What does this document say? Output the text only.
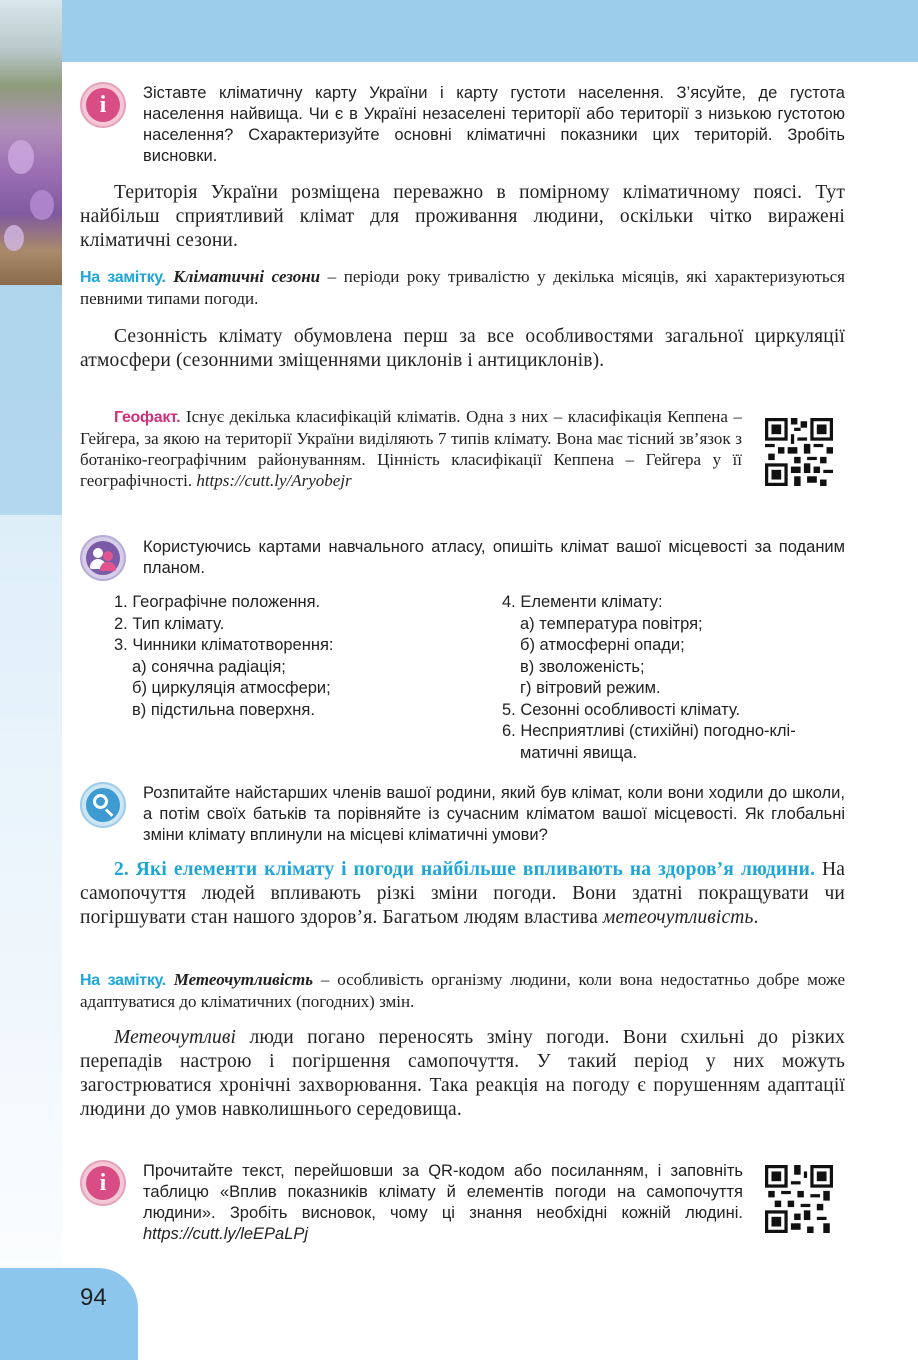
i	Зіставте кліматичну карту України і карту густоти населення. З’ясуйте, де густота населення найвища. Чи є в Україні незаселені території або території з низькою густотою населення? Схарактеризуйте основні кліматичні показники цих територій. Зробіть висновки.
Територія України розміщена переважно в помірному кліматичному поясі. Тут найбільш сприятливий клімат для проживання людини, оскільки чітко виражені кліматичні сезони.
На замітку. Кліматичні сезони – періоди року тривалістю у декілька місяців, які характеризуються певними типами погоди.
Сезонність клімату обумовлена перш за все особливостями загальної циркуляції атмосфери (сезонними зміщеннями циклонів і антициклонів).
Геофакт. Існує декілька класифікацій кліматів. Одна з них – класифікація Кеппена – Гейгера, за якою на території України виділяють 7 типів клімату. Вона має тісний зв’язок з ботаніко-географічним районуванням. Цінність класифікації Кеппена – Гейгера у її географічності. https://cutt.ly/Aryobejr
Користуючись картами навчального атласу, опишіть клімат вашої місцевості за поданим планом.
1. Географічне положення.
2. Тип клімату.
3. Чинники кліматотворення:
а) сонячна радіація;
б) циркуляція атмосфери;
в) підстильна поверхня.
4. Елементи клімату:
а) температура повітря;
б) атмосферні опади;
в) зволоженість;
г) вітровий режим.
5. Сезонні особливості клімату.
6. Несприятливі (стихійні) погодно-клі-
матичні явища.
Розпитайте найстарших членів вашої родини, який був клімат, коли вони ходили до школи, а потім своїх батьків та порівняйте із сучасним кліматом вашої місцевості. Як глобальні зміни клімату вплинули на місцеві кліматичні умови?
2. Які елементи клімату і погоди найбільше впливають на здоров’я людини. На самопочуття людей впливають різкі зміни погоди. Вони здатні покращувати чи погіршувати стан нашого здоров’я. Багатьом людям властива метеочутливість.
На замітку. Метеочутливість – особливість організму людини, коли вона недостатньо добре може адаптуватися до кліматичних (погодних) змін.
Метеочутливі люди погано переносять зміну погоди. Вони схильні до різких перепадів настрою і погіршення самопочуття. У такий період у них можуть загострюватися хронічні захворювання. Така реакція на погоду є порушенням адаптації людини до умов навколишнього середовища.
i	Прочитайте текст, перейшовши за QR-кодом або посиланням, і заповніть таблицю «Вплив показників клімату й елементів погоди на самопочуття людини». Зробіть висновок, чому ці знання необхідні кожній людині. https://cutt.ly/leEPaLPj
94
